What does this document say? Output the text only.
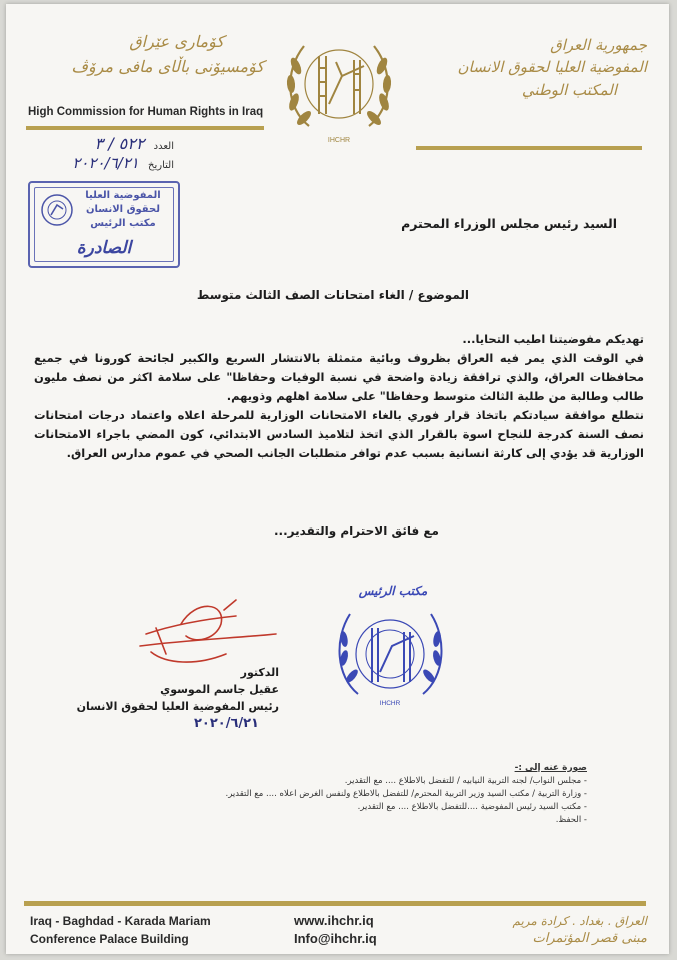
جمهورية العراق
المفوضية العليا لحقوق الانسان
المكتب الوطني
كۆماری عێراق
كۆمسیۆنی باڵای مافی مرۆڤ
High Commission for Human Rights in Iraq
IHCHR
العدد ٥٢٢ / ٣
التاريخ ٢٠٢٠/٦/٢١
المفوضية العليا
لحقوق الانسان
مكتب الرئيس
الصادرة
السيد رئيس مجلس الوزراء المحترم
الموضوع / الغاء امتحانات الصف الثالث متوسط
تهديكم مفوضيتنا اطيب التحايا...
في الوقت الذي يمر فيه العراق بظروف وبائية متمثلة بالانتشار السريع والكبير لجائحة كورونا في جميع محافظات العراق، والذي ترافقة زيادة واضحة في نسبة الوفيات وحفاظا" على سلامة اكثر من نصف مليون طالب وطالبة من طلبة الثالث متوسط وحفاظا" على سلامة اهلهم وذويهم.
نتطلع موافقة سيادتكم باتخاذ قرار فوري بالغاء الامتحانات الوزارية للمرحلة اعلاه واعتماد درجات امتحانات نصف السنة كدرجة للنجاح اسوة بالقرار الذي اتخذ لتلاميذ السادس الابتدائي، كون المضي باجراء الامتحانات الوزارية قد يؤدي إلى كارثة انسانية بسبب عدم توافر متطلبات الجانب الصحي في عموم مدارس العراق.
مع فائق الاحترام والتقدير...
الدكتور
عقيل جاسم الموسوي
رئيس المفوضية العليا لحقوق الانسان
٢٠٢٠/٦/٢١
IHCHR
مكتب الرئيس
صورة عنه إلى :-
- مجلس النواب/ لجنه التربية النيابيه / للتفضل بالاطلاع .... مع التقدير.
- وزارة التربية / مكتب السيد وزير التربية المحترم/ للتفضل بالاطلاع ولنفس الغرض اعلاه .... مع التقدير.
- مكتب السيد رئيس المفوضية ....للتفضل بالاطلاع .... مع التقدير.
- الحفظ.
Iraq - Baghdad - Karada Mariam
Conference Palace Building
www.ihchr.iq
Info@ihchr.iq
العراق . بغداد . كرادة مريم
مبنى قصر المؤتمرات
